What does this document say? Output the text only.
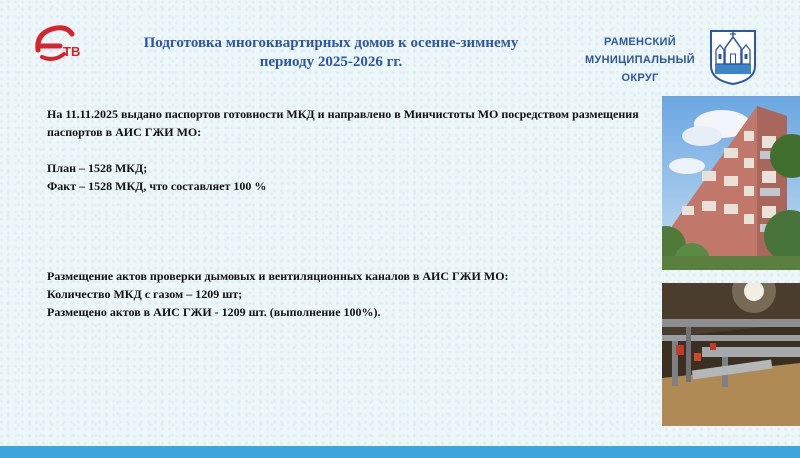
ТВ
Подготовка многоквартирных домов к осенне-зимнему
периоду 2025-2026 гг.
РАМЕНСКИЙ
МУНИЦИПАЛЬНЫЙ
ОКРУГ
На 11.11.2025 выдано паспортов готовности МКД и направлено в Минчистоты МО посредством размещения паспортов в АИС ГЖИ МО:
План – 1528 МКД;
Факт – 1528 МКД, что составляет 100 %
Размещение актов проверки дымовых и вентиляционных каналов в АИС ГЖИ МО:
Количество МКД с газом – 1209 шт;
Размещено актов в АИС ГЖИ - 1209 шт. (выполнение 100%).
